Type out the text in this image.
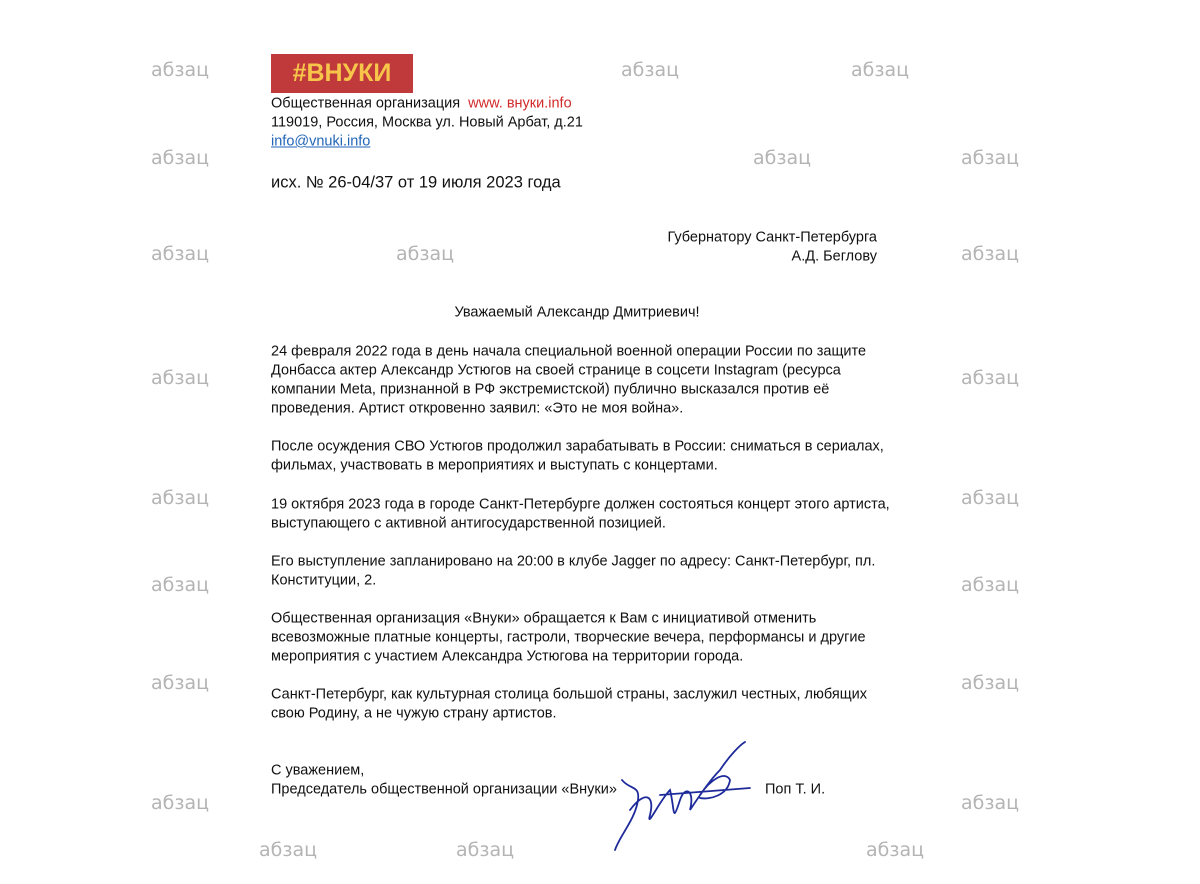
абзац	абзац
абзац
абзац
абзац
абзац
абзац
абзац
абзац
абзац
абзац
абзац
абзац
абзац
абзац
абзац
абзац
абзац
абзац
абзац	абзац	абзац
#ВНУКИ
Общественная организация www. внуки.info
119019, Россия, Москва ул. Новый Арбат, д.21
info@vnuki.info
исх. № 26-04/37 от 19 июля 2023 года
Губернатору Санкт-Петербурга
А.Д. Беглову
Уважаемый Александр Дмитриевич!
24 февраля 2022 года в день начала специальной военной операции России по защите
Донбасса актер Александр Устюгов на своей странице в соцсети Instagram (ресурса
компании Meta, признанной в РФ экстремистской) публично высказался против её
проведения. Артист откровенно заявил: «Это не моя война».
После осуждения СВО Устюгов продолжил зарабатывать в России: сниматься в сериалах,
фильмах, участвовать в мероприятиях и выступать с концертами.
19 октября 2023 года в городе Санкт-Петербурге должен состояться концерт этого артиста,
выступающего с активной антигосударственной позицией.
Его выступление запланировано на 20:00 в клубе Jagger по адресу: Санкт-Петербург, пл.
Конституции, 2.
Общественная организация «Внуки» обращается к Вам с инициативой отменить
всевозможные платные концерты, гастроли, творческие вечера, перформансы и другие
мероприятия с участием Александра Устюгова на территории города.
Санкт-Петербург, как культурная столица большой страны, заслужил честных, любящих
свою Родину, а не чужую страну артистов.
С уважением,
Председатель общественной организации «Внуки»	Поп Т. И.
